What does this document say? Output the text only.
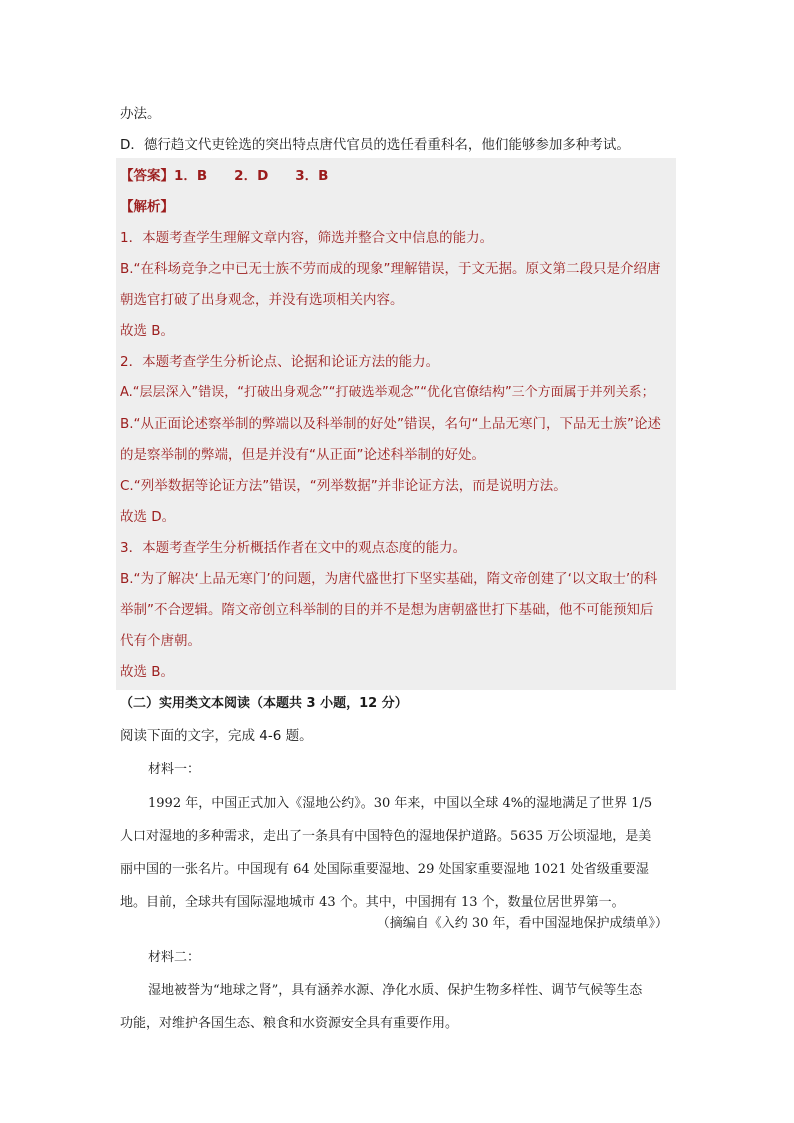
办法。
D．德行趋文代吏铨选的突出特点唐代官员的选任看重科名，他们能够参加多种考试。
【答案】1．B　　2．D　　3．B
【解析】
1．本题考查学生理解文章内容，筛选并整合文中信息的能力。
B.“在科场竞争之中已无士族不劳而成的现象”理解错误，于文无据。原文第二段只是介绍唐
朝选官打破了出身观念，并没有选项相关内容。
故选 B。
2．本题考查学生分析论点、论据和论证方法的能力。
A.“层层深入”错误，“打破出身观念”“打破选举观念”“优化官僚结构”三个方面属于并列关系；
B.“从正面论述察举制的弊端以及科举制的好处”错误，名句“上品无寒门，下品无士族”论述
的是察举制的弊端，但是并没有“从正面”论述科举制的好处。
C.“列举数据等论证方法”错误，“列举数据”并非论证方法，而是说明方法。
故选 D。
3．本题考查学生分析概括作者在文中的观点态度的能力。
B.“为了解决‘上品无寒门’的问题，为唐代盛世打下坚实基础，隋文帝创建了‘以文取士’的科
举制”不合逻辑。隋文帝创立科举制的目的并不是想为唐朝盛世打下基础，他不可能预知后
代有个唐朝。
故选 B。
（二）实用类文本阅读（本题共 3 小题，12 分）
阅读下面的文字，完成 4-6 题。
材料一：
1992 年，中国正式加入《湿地公约》。30 年来，中国以全球 4%的湿地满足了世界 1/5
人口对湿地的多种需求，走出了一条具有中国特色的湿地保护道路。5635 万公顷湿地，是美
丽中国的一张名片。中国现有 64 处国际重要湿地、29 处国家重要湿地 1021 处省级重要湿
地。目前，全球共有国际湿地城市 43 个。其中，中国拥有 13 个，数量位居世界第一。
（摘编自《入约 30 年，看中国湿地保护成绩单》）
材料二：
湿地被誉为“地球之肾”，具有涵养水源、净化水质、保护生物多样性、调节气候等生态
功能，对维护各国生态、粮食和水资源安全具有重要作用。
